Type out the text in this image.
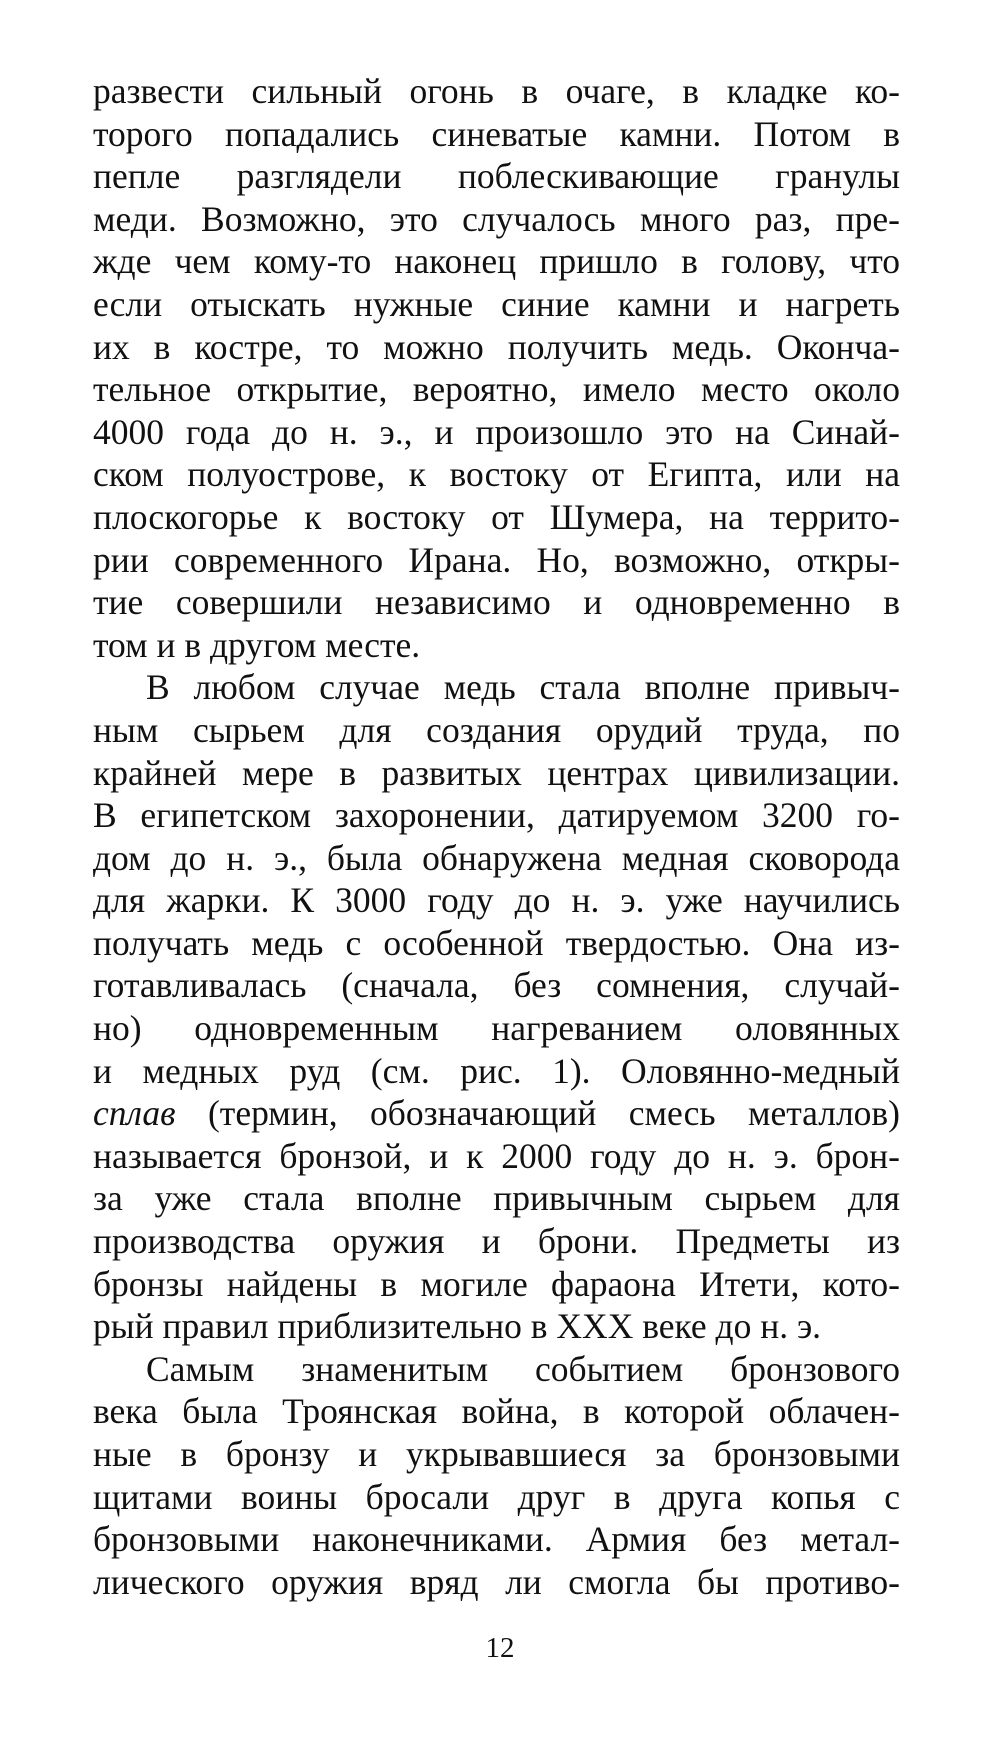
развести сильный огонь в очаге, в кладке ко-
торого попадались синеватые камни. Потом в
пепле разглядели поблескивающие гранулы
меди. Возможно, это случалось много раз, пре-
жде чем кому-то наконец пришло в голову, что
если отыскать нужные синие камни и нагреть
их в костре, то можно получить медь. Оконча-
тельное открытие, вероятно, имело место около
4000 года до н. э., и произошло это на Синай-
ском полуострове, к востоку от Египта, или на
плоскогорье к востоку от Шумера, на террито-
рии современного Ирана. Но, возможно, откры-
тие совершили независимо и одновременно в
том и в другом месте.

В любом случае медь стала вполне привыч-
ным сырьем для создания орудий труда, по
крайней мере в развитых центрах цивилизации.
В египетском захоронении, датируемом 3200 го-
дом до н. э., была обнаружена медная сковорода
для жарки. К 3000 году до н. э. уже научились
получать медь с особенной твердостью. Она из-
готавливалась (сначала, без сомнения, случай-
но) одновременным нагреванием оловянных
и медных руд (см. рис. 1). Оловянно-медный
сплав (термин, обозначающий смесь металлов)
называется бронзой, и к 2000 году до н. э. брон-
за уже стала вполне привычным сырьем для
производства оружия и брони. Предметы из
бронзы найдены в могиле фараона Итети, кото-
рый правил приблизительно в XXX веке до н. э.

Самым знаменитым событием бронзового
века была Троянская война, в которой облачен-
ные в бронзу и укрывавшиеся за бронзовыми
щитами воины бросали друг в друга копья с
бронзовыми наконечниками. Армия без метал-
лического оружия вряд ли смогла бы противо-

12
